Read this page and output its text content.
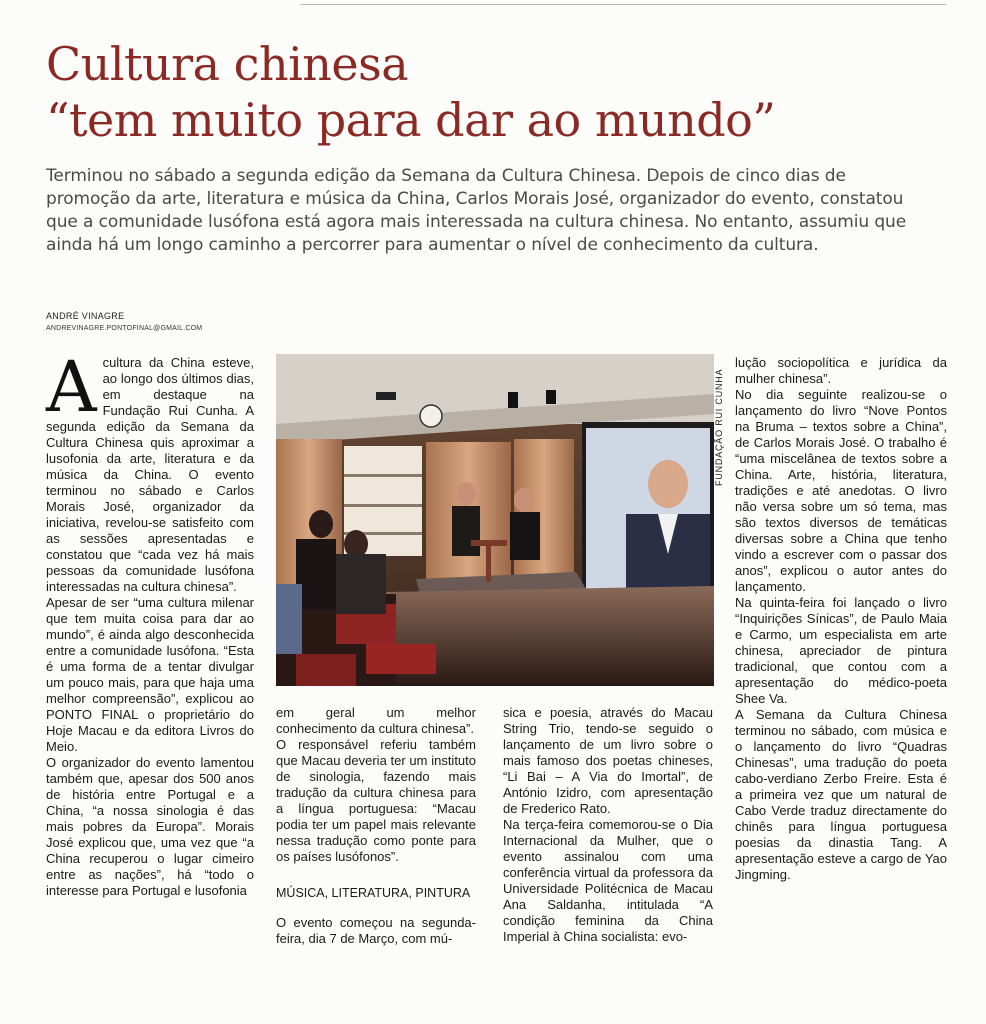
Cultura chinesa
“tem muito para dar ao mundo”

Terminou no sábado a segunda edição da Semana da Cultura Chinesa. Depois de cinco dias de promoção da arte, literatura e música da China, Carlos Morais José, organizador do evento, constatou que a comunidade lusófona está agora mais interessada na cultura chinesa. No entanto, assumiu que ainda há um longo caminho a percorrer para aumentar o nível de conhecimento da cultura.

ANDRÉ VINAGRE
ANDREVINAGRE.PONTOFINAL@GMAIL.COM

Acultura da China esteve, ao longo dos últimos dias, em destaque na Fundação Rui Cunha. A segunda edição da Semana da Cultura Chinesa quis aproximar a lusofonia da arte, literatura e da música da China. O evento terminou no sábado e Carlos Morais José, organizador da iniciativa, revelou-se satisfeito com as sessões apresentadas e constatou que “cada vez há mais pessoas da comunidade lusófona interessadas na cultura chinesa”.

Apesar de ser “uma cultura milenar que tem muita coisa para dar ao mundo”, é ainda algo desconhecida entre a comunidade lusófona. “Esta é uma forma de a tentar divulgar um pouco mais, para que haja uma melhor compreensão”, explicou ao PONTO FINAL o proprietário do Hoje Macau e da editora Livros do Meio.

O organizador do evento lamentou também que, apesar dos 500 anos de história entre Portugal e a China, “a nossa sinologia é das mais pobres da Europa”. Morais José explicou que, uma vez que “a China recuperou o lugar cimeiro entre as nações”, há “todo o interesse para Portugal e lusofonia

FUNDAÇÃO RUI CUNHA

em geral um melhor conhecimento da cultura chinesa”.

O responsável referiu também que Macau deveria ter um instituto de sinologia, fazendo mais tradução da cultura chinesa para a língua portuguesa: “Macau podia ter um papel mais relevante nessa tradução como ponte para os países lusófonos”.

MÚSICA, LITERATURA, PINTURA

O evento começou na segunda-feira, dia 7 de Março, com mú-

sica e poesia, através do Macau String Trio, tendo-se seguido o lançamento de um livro sobre o mais famoso dos poetas chineses, “Li Bai – A Via do Imortal”, de António Izidro, com apresentação de Frederico Rato.

Na terça-feira comemorou-se o Dia Internacional da Mulher, que o evento assinalou com uma conferência virtual da professora da Universidade Politécnica de Macau Ana Saldanha, intitulada “A condição feminina da China Imperial à China socialista: evo-

lução sociopolítica e jurídica da mulher chinesa”.

No dia seguinte realizou-se o lançamento do livro “Nove Pontos na Bruma – textos sobre a China”, de Carlos Morais José. O trabalho é “uma miscelânea de textos sobre a China. Arte, história, literatura, tradições e até anedotas. O livro não versa sobre um só tema, mas são textos diversos de temáticas diversas sobre a China que tenho vindo a escrever com o passar dos anos”, explicou o autor antes do lançamento.

Na quinta-feira foi lançado o livro “Inquirições Sínicas”, de Paulo Maia e Carmo, um especialista em arte chinesa, apreciador de pintura tradicional, que contou com a apresentação do médico-poeta Shee Va.

A Semana da Cultura Chinesa terminou no sábado, com música e o lançamento do livro “Quadras Chinesas”, uma tradução do poeta cabo-verdiano Zerbo Freire. Esta é a primeira vez que um natural de Cabo Verde traduz directamente do chinês para língua portuguesa poesias da dinastia Tang. A apresentação esteve a cargo de Yao Jingming.
